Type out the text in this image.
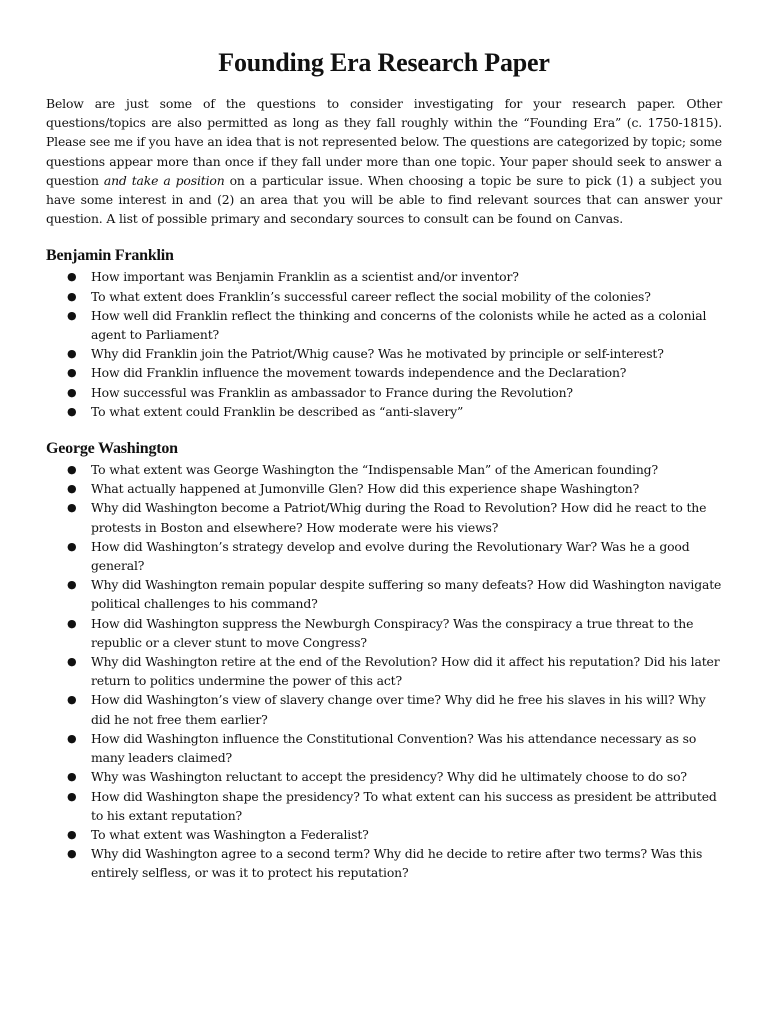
Founding Era Research Paper

Below are just some of the questions to consider investigating for your research paper. Other questions/topics are also permitted as long as they fall roughly within the “Founding Era” (c. 1750-1815). Please see me if you have an idea that is not represented below. The questions are categorized by topic; some questions appear more than once if they fall under more than one topic. Your paper should seek to answer a question and take a position on a particular issue. When choosing a topic be sure to pick (1) a subject you have some interest in and (2) an area that you will be able to find relevant sources that can answer your question. A list of possible primary and secondary sources to consult can be found on Canvas.

Benjamin Franklin
● How important was Benjamin Franklin as a scientist and/or inventor?
● To what extent does Franklin’s successful career reflect the social mobility of the colonies?
● How well did Franklin reflect the thinking and concerns of the colonists while he acted as a colonial agent to Parliament?
● Why did Franklin join the Patriot/Whig cause? Was he motivated by principle or self-interest?
● How did Franklin influence the movement towards independence and the Declaration?
● How successful was Franklin as ambassador to France during the Revolution?
● To what extent could Franklin be described as “anti-slavery”
George Washington
● To what extent was George Washington the “Indispensable Man” of the American founding?
● What actually happened at Jumonville Glen? How did this experience shape Washington?
● Why did Washington become a Patriot/Whig during the Road to Revolution? How did he react to the protests in Boston and elsewhere? How moderate were his views?
● How did Washington’s strategy develop and evolve during the Revolutionary War? Was he a good general?
● Why did Washington remain popular despite suffering so many defeats? How did Washington navigate political challenges to his command?
● How did Washington suppress the Newburgh Conspiracy? Was the conspiracy a true threat to the republic or a clever stunt to move Congress?
● Why did Washington retire at the end of the Revolution? How did it affect his reputation? Did his later return to politics undermine the power of this act?
● How did Washington’s view of slavery change over time? Why did he free his slaves in his will? Why did he not free them earlier?
● How did Washington influence the Constitutional Convention? Was his attendance necessary as so many leaders claimed?
● Why was Washington reluctant to accept the presidency? Why did he ultimately choose to do so?
● How did Washington shape the presidency? To what extent can his success as president be attributed to his extant reputation?
● To what extent was Washington a Federalist?
● Why did Washington agree to a second term? Why did he decide to retire after two terms? Was this entirely selfless, or was it to protect his reputation?
